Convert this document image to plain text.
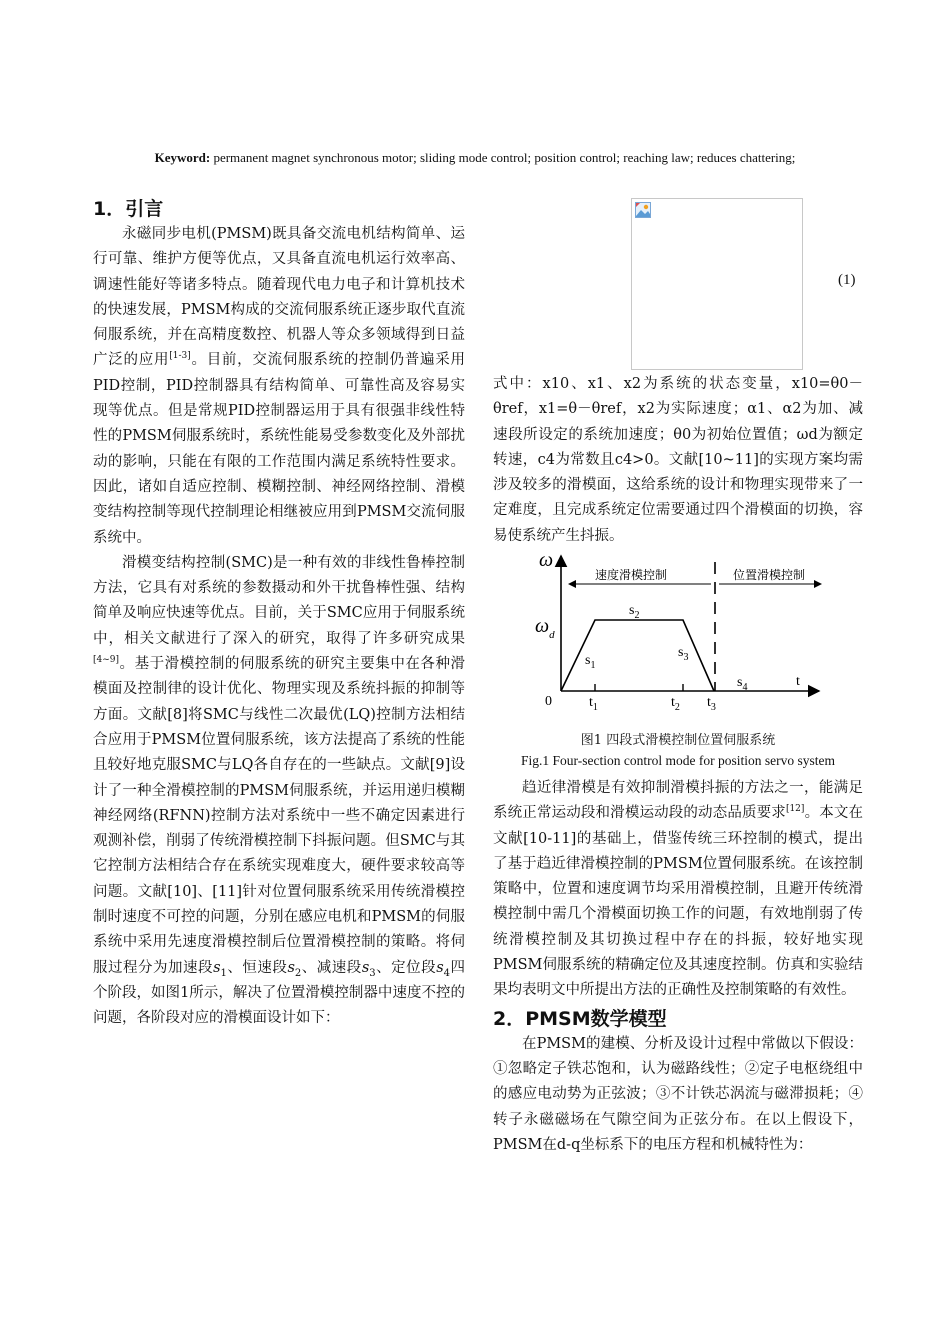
Keyword: permanent magnet synchronous motor; sliding mode control; position control; reaching law; reduces chattering;
1．引言

永磁同步电机(PMSM)既具备交流电机结构简单、运行可靠、维护方便等优点，又具备直流电机运行效率高、调速性能好等诸多特点。随着现代电力电子和计算机技术的快速发展，PMSM构成的交流伺服系统正逐步取代直流伺服系统，并在高精度数控、机器人等众多领域得到日益广泛的应用[1-3]。目前，交流伺服系统的控制仍普遍采用PID控制，PID控制器具有结构简单、可靠性高及容易实现等优点。但是常规PID控制器运用于具有很强非线性特性的PMSM伺服系统时，系统性能易受参数变化及外部扰动的影响，只能在有限的工作范围内满足系统特性要求。因此，诸如自适应控制、模糊控制、神经网络控制、滑模变结构控制等现代控制理论相继被应用到PMSM交流伺服系统中。

滑模变结构控制(SMC)是一种有效的非线性鲁棒控制方法，它具有对系统的参数摄动和外干扰鲁棒性强、结构简单及响应快速等优点。目前，关于SMC应用于伺服系统中，相关文献进行了深入的研究，取得了许多研究成果[4~9]。基于滑模控制的伺服系统的研究主要集中在各种滑模面及控制律的设计优化、物理实现及系统抖振的抑制等方面。文献[8]将SMC与线性二次最优(LQ)控制方法相结合应用于PMSM位置伺服系统，该方法提高了系统的性能且较好地克服SMC与LQ各自存在的一些缺点。文献[9]设计了一种全滑模控制的PMSM伺服系统，并运用递归模糊神经网络(RFNN)控制方法对系统中一些不确定因素进行观测补偿，削弱了传统滑模控制下抖振问题。但SMC与其它控制方法相结合存在系统实现难度大，硬件要求较高等问题。文献[10]、[11]针对位置伺服系统采用传统滑模控制时速度不可控的问题，分别在感应电机和PMSM的伺服系统中采用先速度滑模控制后位置滑模控制的策略。将伺服过程分为加速段$s_1$、恒速段$s_2$、减速段$s_3$、定位段$s_4$四个阶段，如图1所示，解决了位置滑模控制器中速度不控的问题，各阶段对应的滑模面设计如下：

(1)

式中：x10、x1、x2为系统的状态变量，x10=θ0－θref，x1=θ－θref，x2为实际速度；α1、α2为加、减速段所设定的系统加速度；θ0为初始位置值；ωd为额定转速，c4为常数且c4>0。文献[10~11]的实现方案均需涉及较多的滑模面，这给系统的设计和物理实现带来了一定难度，且完成系统定位需要通过四个滑模面的切换，容易使系统产生抖振。

ω
速度滑模控制	位置滑模控制
$\omega_d$
$s_1$
$s_2$
$s_3$
$s_4$	t
0	$t_1$	$t_2$ $t_3$
图1 四段式滑模控制位置伺服系统
Fig.1 Four-section control mode for position servo system

趋近律滑模是有效抑制滑模抖振的方法之一，能满足系统正常运动段和滑模运动段的动态品质要求[12]。本文在文献[10-11]的基础上，借鉴传统三环控制的模式，提出了基于趋近律滑模控制的PMSM位置伺服系统。在该控制策略中，位置和速度调节均采用滑模控制，且避开传统滑模控制中需几个滑模面切换工作的问题，有效地削弱了传统滑模控制及其切换过程中存在的抖振，较好地实现PMSM伺服系统的精确定位及其速度控制。仿真和实验结果均表明文中所提出方法的正确性及控制策略的有效性。

2．PMSM数学模型

在PMSM的建模、分析及设计过程中常做以下假设：①忽略定子铁芯饱和，认为磁路线性；②定子电枢绕组中的感应电动势为正弦波；③不计铁芯涡流与磁滞损耗；④转子永磁磁场在气隙空间为正弦分布。在以上假设下，PMSM在d-q坐标系下的电压方程和机械特性为：
